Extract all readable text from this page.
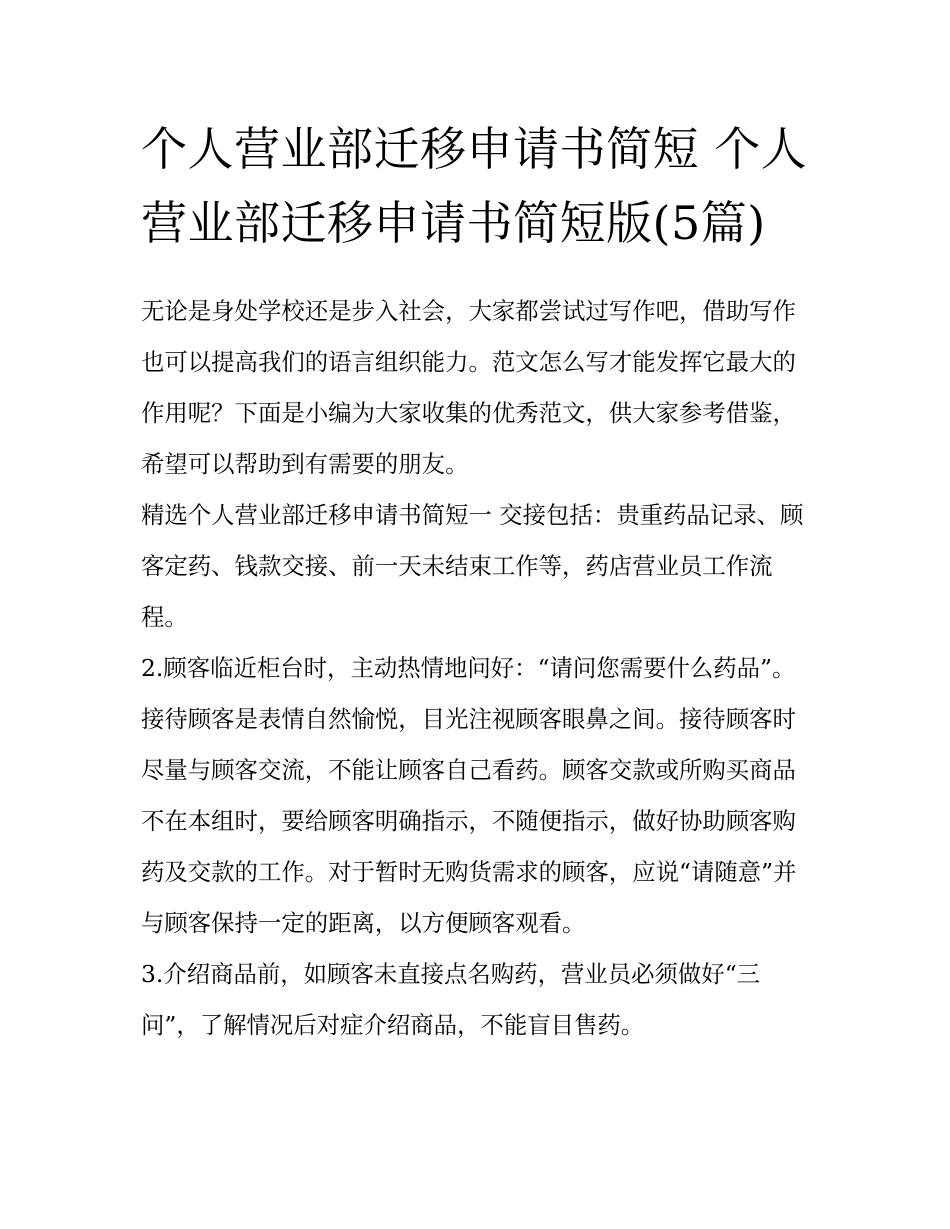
个人营业部迁移申请书简短 个人营业部迁移申请书简短版(5篇)

无论是身处学校还是步入社会，大家都尝试过写作吧，借助写作也可以提高我们的语言组织能力。范文怎么写才能发挥它最大的作用呢？下面是小编为大家收集的优秀范文，供大家参考借鉴，希望可以帮助到有需要的朋友。

精选个人营业部迁移申请书简短一 交接包括：贵重药品记录、顾客定药、钱款交接、前一天未结束工作等，药店营业员工作流程。

2.顾客临近柜台时，主动热情地问好：“请问您需要什么药品”。接待顾客是表情自然愉悦，目光注视顾客眼鼻之间。接待顾客时尽量与顾客交流，不能让顾客自己看药。顾客交款或所购买商品不在本组时，要给顾客明确指示，不随便指示，做好协助顾客购药及交款的工作。对于暂时无购货需求的顾客，应说“请随意”并与顾客保持一定的距离，以方便顾客观看。

3.介绍商品前，如顾客未直接点名购药，营业员必须做好“三问”，了解情况后对症介绍商品，不能盲目售药。
